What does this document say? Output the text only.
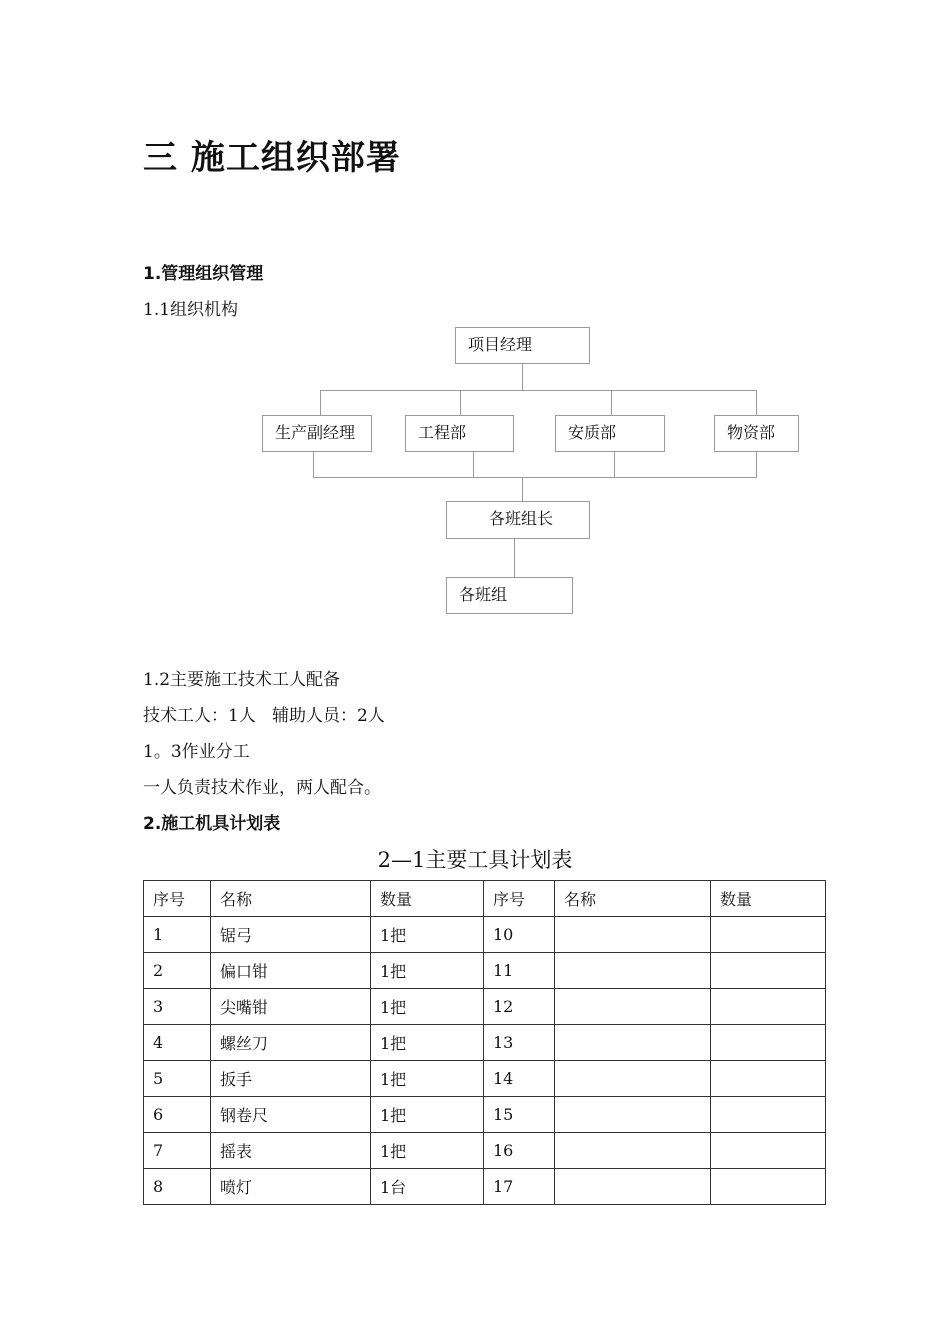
三 施工组织部署
1.管理组织管理
1.1组织机构
项目经理
生产副经理	工程部	安质部	物资部
各班组长
各班组
1.2主要施工技术工人配备
技术工人：1人   辅助人员：2人
1。3作业分工
一人负责技术作业，两人配合。
2.施工机具计划表
2—1主要工具计划表
序号	名称	数量	序号	名称	数量
1	锯弓	1把	10		
2	偏口钳	1把	11		
3	尖嘴钳	1把	12		
4	螺丝刀	1把	13		
5	扳手	1把	14		
6	钢卷尺	1把	15		
7	摇表	1把	16		
8	喷灯	1台	17		
